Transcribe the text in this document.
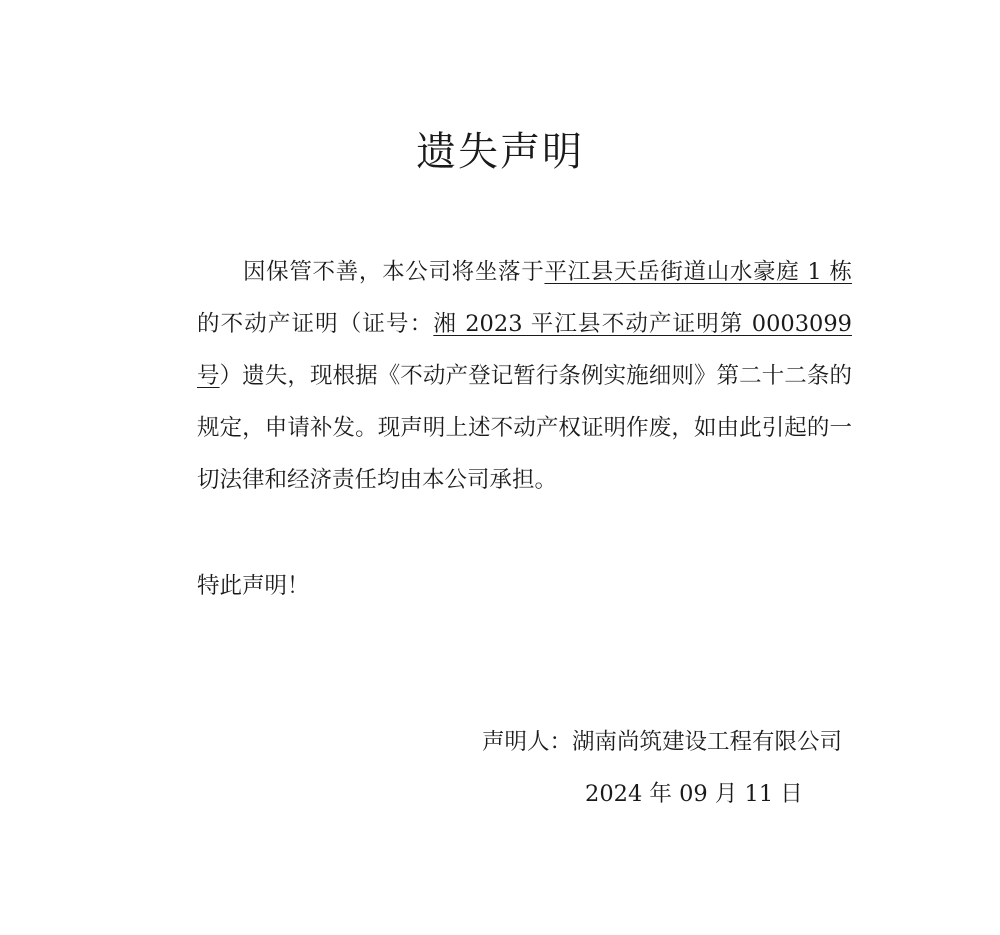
遗失声明

因保管不善，本公司将坐落于平江县天岳街道山水豪庭 1 栋的不动产证明（证号：湘 2023 平江县不动产证明第 0003099 号）遗失，现根据《不动产登记暂行条例实施细则》第二十二条的规定，申请补发。现声明上述不动产权证明作废，如由此引起的一切法律和经济责任均由本公司承担。

特此声明！

声明人：湖南尚筑建设工程有限公司

2024 年 09 月 11 日
